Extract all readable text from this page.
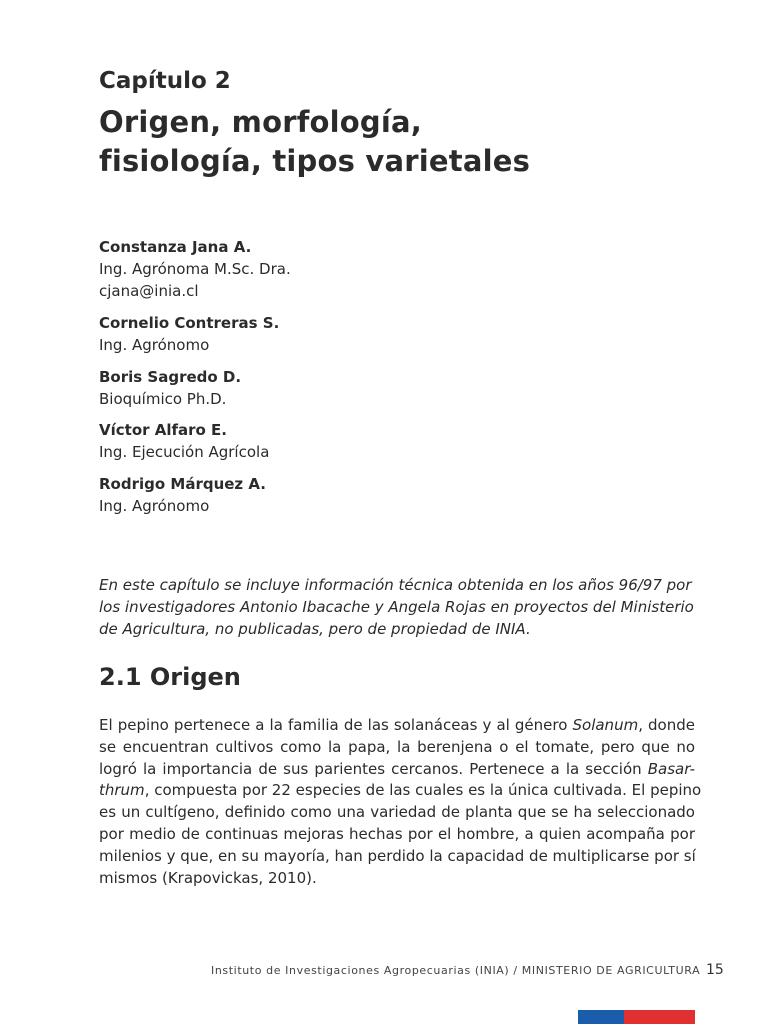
Capítulo 2
Origen, morfología,
fisiología, tipos varietales
Constanza Jana A.
Ing. Agrónoma M.Sc. Dra.
cjana@inia.cl
Cornelio Contreras S.
Ing. Agrónomo
Boris Sagredo D.
Bioquímico Ph.D.
Víctor Alfaro E.
Ing. Ejecución Agrícola
Rodrigo Márquez A.
Ing. Agrónomo
En este capítulo se incluye información técnica obtenida en los años 96/97 por
los investigadores Antonio Ibacache y Angela Rojas en proyectos del Ministerio
de Agricultura, no publicadas, pero de propiedad de INIA.
2.1 Origen
El pepino pertenece a la familia de las solanáceas y al género Solanum, donde
se encuentran cultivos como la papa, la berenjena o el tomate, pero que no
logró la importancia de sus parientes cercanos. Pertenece a la sección Basar-
thrum, compuesta por 22 especies de las cuales es la única cultivada. El pepino
es un cultígeno, definido como una variedad de planta que se ha seleccionado
por medio de continuas mejoras hechas por el hombre, a quien acompaña por
milenios y que, en su mayoría, han perdido la capacidad de multiplicarse por sí
mismos (Krapovickas, 2010).
Instituto de Investigaciones Agropecuarias (INIA) / MINISTERIO DE AGRICULTURA 15
